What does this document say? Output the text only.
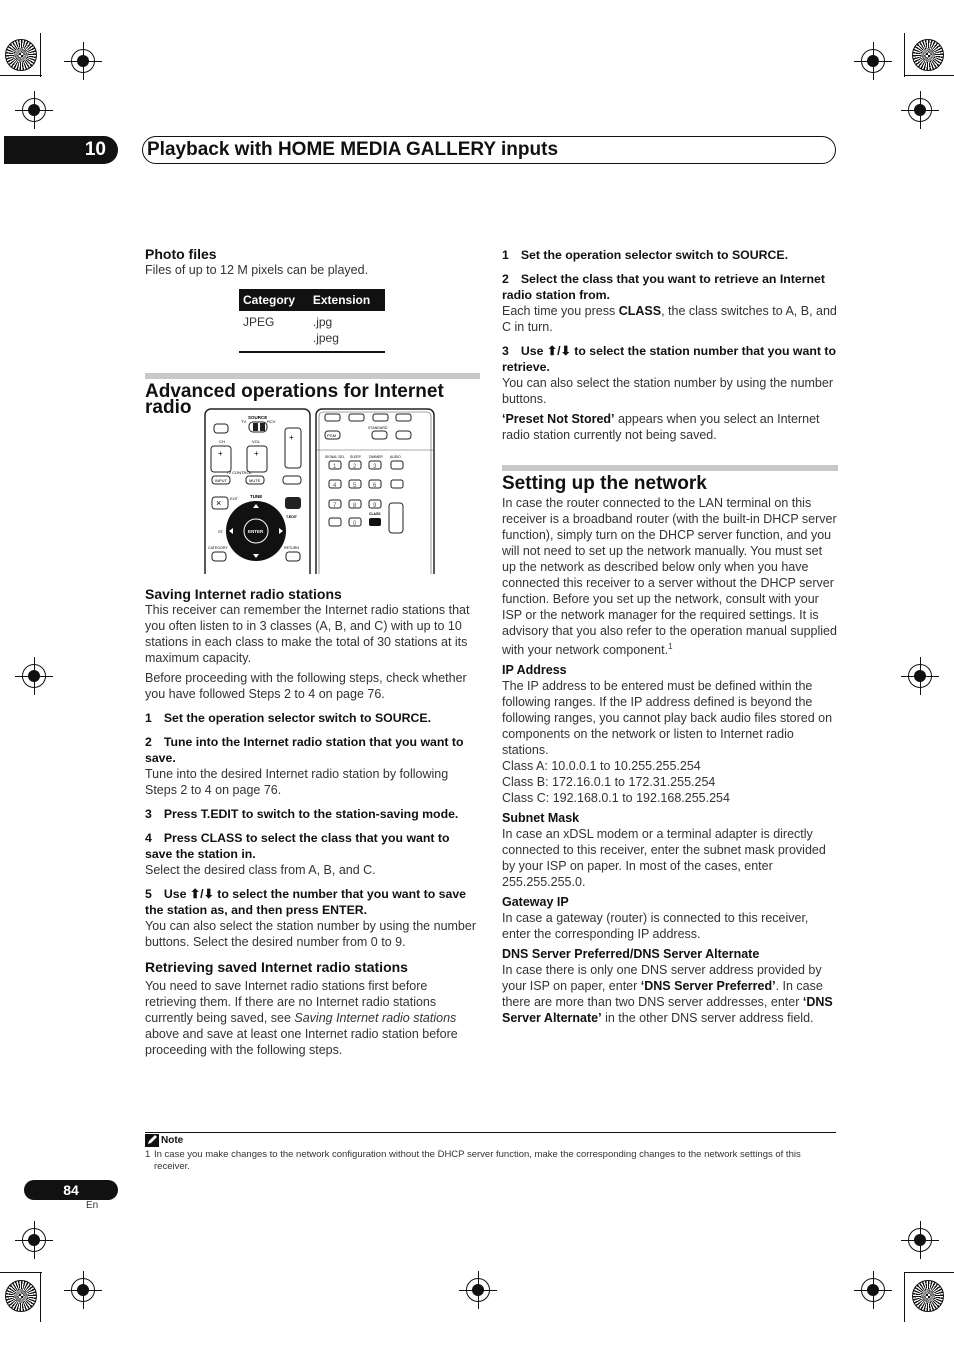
10	Playback with HOME MEDIA GALLERY inputs
Photo files

Files of up to 12 M pixels can be played.

Category	Extension
JPEG	.jpg
.jpeg
Advanced operations for Internet radio	SOURCE
TV	RCV
CH	VOL
+	+
+
INPUT	MUTE
TV CONTROL
×
TUNE
EXIT
T.EDIT
ENTER
ST
RETURN
CATEGORY
PGM
STANDARD
SIGNAL SEL SLEEP DIMMER AUDIO
CLASS
1	2	3
4	5	6
7	8	9
0
Saving Internet radio stations

This receiver can remember the Internet radio stations that you often listen to in 3 classes (A, B, and C) with up to 10 stations in each class to make the total of 30 stations at its maximum capacity.

Before proceeding with the following steps, check whether you have followed Steps 2 to 4 on page 76.

1 Set the operation selector switch to SOURCE.
2 Tune into the Internet radio station that you want to save.

Tune into the desired Internet radio station by following Steps 2 to 4 on page 76.

3 Press T.EDIT to switch to the station-saving mode.
4 Press CLASS to select the class that you want to save the station in.

Select the desired class from A, B, and C.

5 Use ⬆/⬇ to select the number that you want to save the station as, and then press ENTER.

You can also select the station number by using the number buttons. Select the desired number from 0 to 9.

Retrieving saved Internet radio stations

You need to save Internet radio stations first before retrieving them. If there are no Internet radio stations currently being saved, see Saving Internet radio stations above and save at least one Internet radio station before proceeding with the following steps.

1 Set the operation selector switch to SOURCE.
2 Select the class that you want to retrieve an Internet radio station from.

Each time you press CLASS, the class switches to A, B, and C in turn.

3 Use ⬆/⬇ to select the station number that you want to retrieve.

You can also select the station number by using the number buttons.

‘Preset Not Stored’ appears when you select an Internet radio station currently not being saved.

Setting up the network

In case the router connected to the LAN terminal on this receiver is a broadband router (with the built-in DHCP server function), simply turn on the DHCP server function, and you will not need to set up the network manually. You must set up the network as described below only when you have connected this receiver to a server without the DHCP server function. Before you set up the network, consult with your ISP or the network manager for the required settings. It is advisory that you also refer to the operation manual supplied with your network component.$^1$

IP Address

The IP address to be entered must be defined within the following ranges. If the IP address defined is beyond the following ranges, you cannot play back audio files stored on components on the network or listen to Internet radio stations.

Class A: 10.0.0.1 to 10.255.255.254

Class B: 172.16.0.1 to 172.31.255.254

Class C: 192.168.0.1 to 192.168.255.254

Subnet Mask

In case an xDSL modem or a terminal adapter is directly connected to this receiver, enter the subnet mask provided by your ISP on paper. In most of the cases, enter 255.255.255.0.

Gateway IP

In case a gateway (router) is connected to this receiver, enter the corresponding IP address.

DNS Server Preferred/DNS Server Alternate

In case there is only one DNS server address provided by your ISP on paper, enter ‘DNS Server Preferred’. In case there are more than two DNS server addresses, enter ‘DNS Server Alternate’ in the other DNS server address field.

Note
1 In case you make changes to the network configuration without the DHCP server function, make the corresponding changes to the network settings of this receiver.
84
En
